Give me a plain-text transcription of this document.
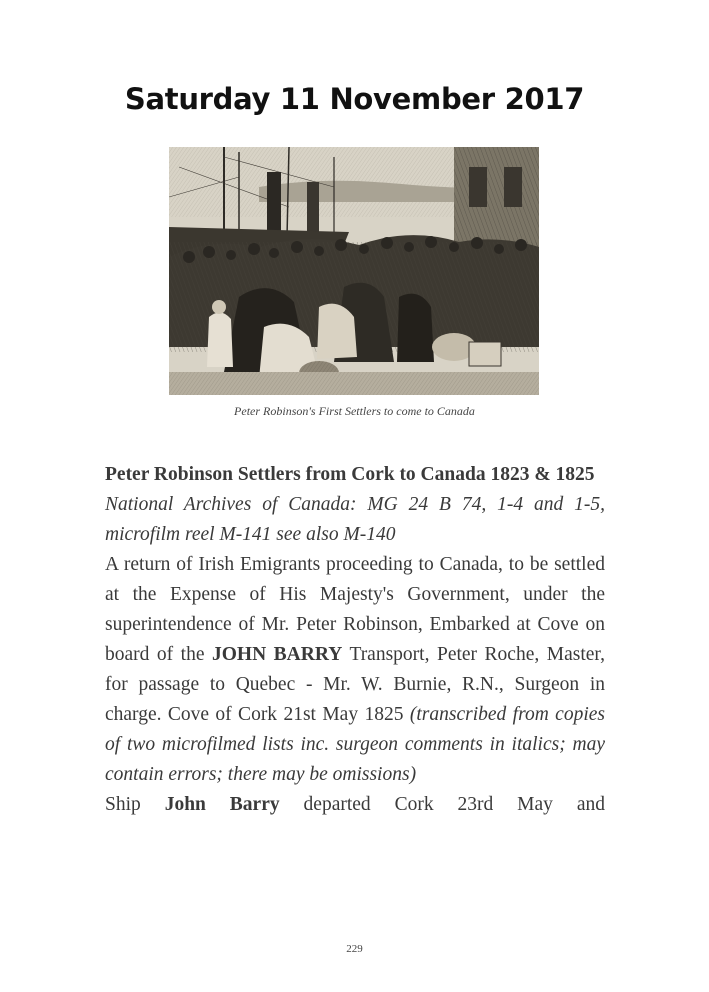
Saturday 11 November 2017
Peter Robinson's First Settlers to come to Canada

Peter Robinson Settlers from Cork to Canada 1823 & 1825

National Archives of Canada: MG 24 B 74, 1-4 and 1-5, microfilm reel M-141 see also M-140

A return of Irish Emigrants proceeding to Canada, to be settled at the Expense of His Majesty's Government, under the superintendence of Mr. Peter Robinson, Embarked at Cove on board of the JOHN BARRY Transport, Peter Roche, Master, for passage to Quebec - Mr. W. Burnie, R.N., Surgeon in charge. Cove of Cork 21st May 1825 (transcribed from copies of two microfilmed lists inc. surgeon comments in italics; may contain errors; there may be omissions)

Ship John Barry departed Cork 23rd May and

229
